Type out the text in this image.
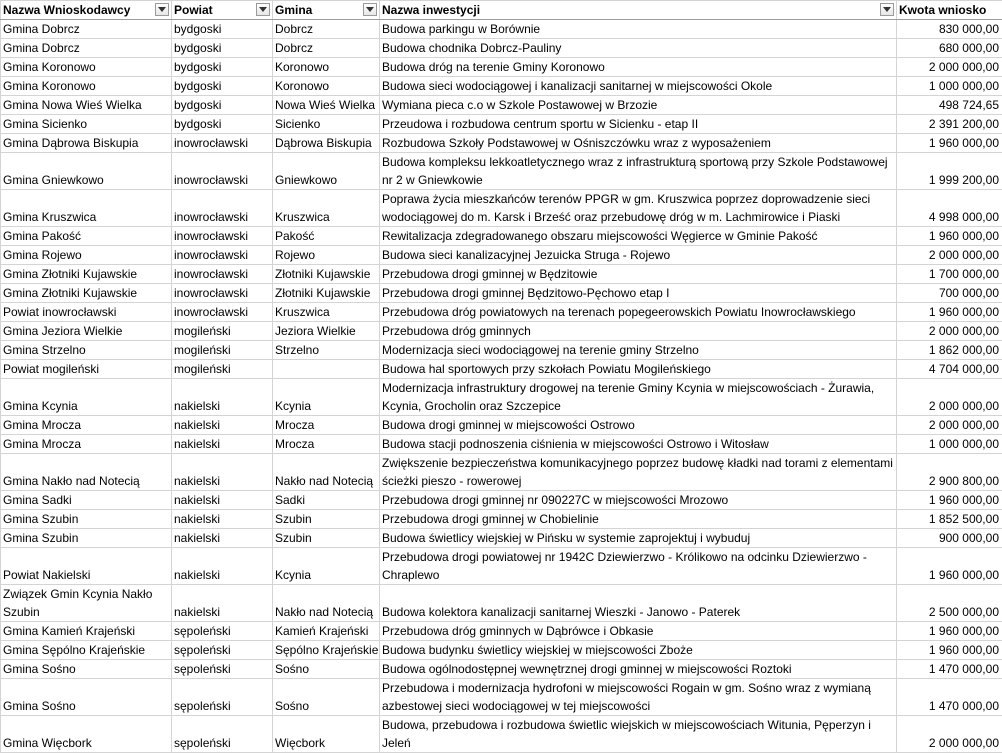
Nazwa Wnioskodawcy	Powiat	Gmina	Nazwa inwestycji	Kwota wniosko

Gmina Dobrcz	bydgoski	Dobrcz	Budowa parkingu w Borównie	830 000,00
Gmina Dobrcz	bydgoski	Dobrcz	Budowa chodnika Dobrcz-Pauliny	680 000,00
Gmina Koronowo	bydgoski	Koronowo	Budowa dróg na terenie Gminy Koronowo	2 000 000,00
Gmina Koronowo	bydgoski	Koronowo	Budowa sieci wodociągowej i kanalizacji sanitarnej w miejscowości Okole	1 000 000,00
Gmina Nowa Wieś Wielka	bydgoski	Nowa Wieś Wielka	Wymiana pieca c.o w Szkole Postawowej w Brzozie	498 724,65
Gmina Sicienko	bydgoski	Sicienko	Przeudowa i rozbudowa centrum sportu w Sicienku - etap II	2 391 200,00
Gmina Dąbrowa Biskupia	inowrocławski	Dąbrowa Biskupia	Rozbudowa Szkoły Podstawowej w Ośniszczówku wraz z wyposażeniem	1 960 000,00
Gmina Gniewkowo	inowrocławski	Gniewkowo	Budowa kompleksu lekkoatletycznego wraz z infrastrukturą sportową przy Szkole Podstawowej nr 2 w Gniewkowie	1 999 200,00
Gmina Kruszwica	inowrocławski	Kruszwica	Poprawa życia mieszkańców terenów PPGR w gm. Kruszwica poprzez doprowadzenie sieci wodociągowej do m. Karsk i Brześć oraz przebudowę dróg w m. Lachmirowice i Piaski	4 998 000,00
Gmina Pakość	inowrocławski	Pakość	Rewitalizacja zdegradowanego obszaru miejscowości Węgierce w Gminie Pakość	1 960 000,00
Gmina Rojewo	inowrocławski	Rojewo	Budowa sieci kanalizacyjnej Jezuicka Struga - Rojewo	2 000 000,00
Gmina Złotniki Kujawskie	inowrocławski	Złotniki Kujawskie	Przebudowa drogi gminnej w Będzitowie	1 700 000,00
Gmina Złotniki Kujawskie	inowrocławski	Złotniki Kujawskie	Przebudowa drogi gminnej Będzitowo-Pęchowo etap I	700 000,00
Powiat inowrocławski	inowrocławski	Kruszwica	Przebudowa dróg powiatowych na terenach popegeerowskich Powiatu Inowrocławskiego	1 960 000,00
Gmina Jeziora Wielkie	mogileński	Jeziora Wielkie	Przebudowa dróg gminnych	2 000 000,00
Gmina Strzelno	mogileński	Strzelno	Modernizacja sieci wodociągowej na terenie gminy Strzelno	1 862 000,00
Powiat mogileński	mogileński		Budowa hal sportowych przy szkołach Powiatu Mogileńskiego	4 704 000,00
Gmina Kcynia	nakielski	Kcynia	Modernizacja infrastruktury drogowej na terenie Gminy Kcynia w miejscowościach - Żurawia, Kcynia, Grocholin oraz Szczepice	2 000 000,00
Gmina Mrocza	nakielski	Mrocza	Budowa drogi gminnej w miejscowości Ostrowo	2 000 000,00
Gmina Mrocza	nakielski	Mrocza	Budowa stacji podnoszenia ciśnienia w miejscowości Ostrowo i Witosław	1 000 000,00
Gmina Nakło nad Notecią	nakielski	Nakło nad Notecią	Zwiększenie bezpieczeństwa komunikacyjnego poprzez budowę kładki nad torami z elementami ścieżki pieszo - rowerowej	2 900 800,00
Gmina Sadki	nakielski	Sadki	Przebudowa drogi gminnej nr 090227C w miejscowości Mrozowo	1 960 000,00
Gmina Szubin	nakielski	Szubin	Przebudowa drogi gminnej w Chobielinie	1 852 500,00
Gmina Szubin	nakielski	Szubin	Budowa świetlicy wiejskiej w Pińsku w systemie zaprojektuj i wybuduj	900 000,00
Powiat Nakielski	nakielski	Kcynia	Przebudowa drogi powiatowej nr 1942C Dziewierzwo - Królikowo na odcinku Dziewierzwo - Chraplewo	1 960 000,00
Związek Gmin Kcynia Nakło Szubin	nakielski	Nakło nad Notecią	Budowa kolektora kanalizacji sanitarnej Wieszki - Janowo - Paterek	2 500 000,00
Gmina Kamień Krajeński	sępoleński	Kamień Krajeński	Przebudowa dróg gminnych w Dąbrówce i Obkasie	1 960 000,00
Gmina Sępólno Krajeńskie	sępoleński	Sępólno Krajeńskie	Budowa budynku świetlicy wiejskiej w miejscowości Zboże	1 960 000,00
Gmina Sośno	sępoleński	Sośno	Budowa ogólnodostępnej wewnętrznej drogi gminnej w miejscowości Roztoki	1 470 000,00
Gmina Sośno	sępoleński	Sośno	Przebudowa i modernizacja hydrofoni w miejscowości Rogain w gm. Sośno wraz z wymianą azbestowej sieci wodociągowej w tej miejscowości	1 470 000,00
Gmina Więcbork	sępoleński	Więcbork	Budowa, przebudowa i rozbudowa świetlic wiejskich w miejscowościach Witunia, Pęperzyn i Jeleń	2 000 000,00
